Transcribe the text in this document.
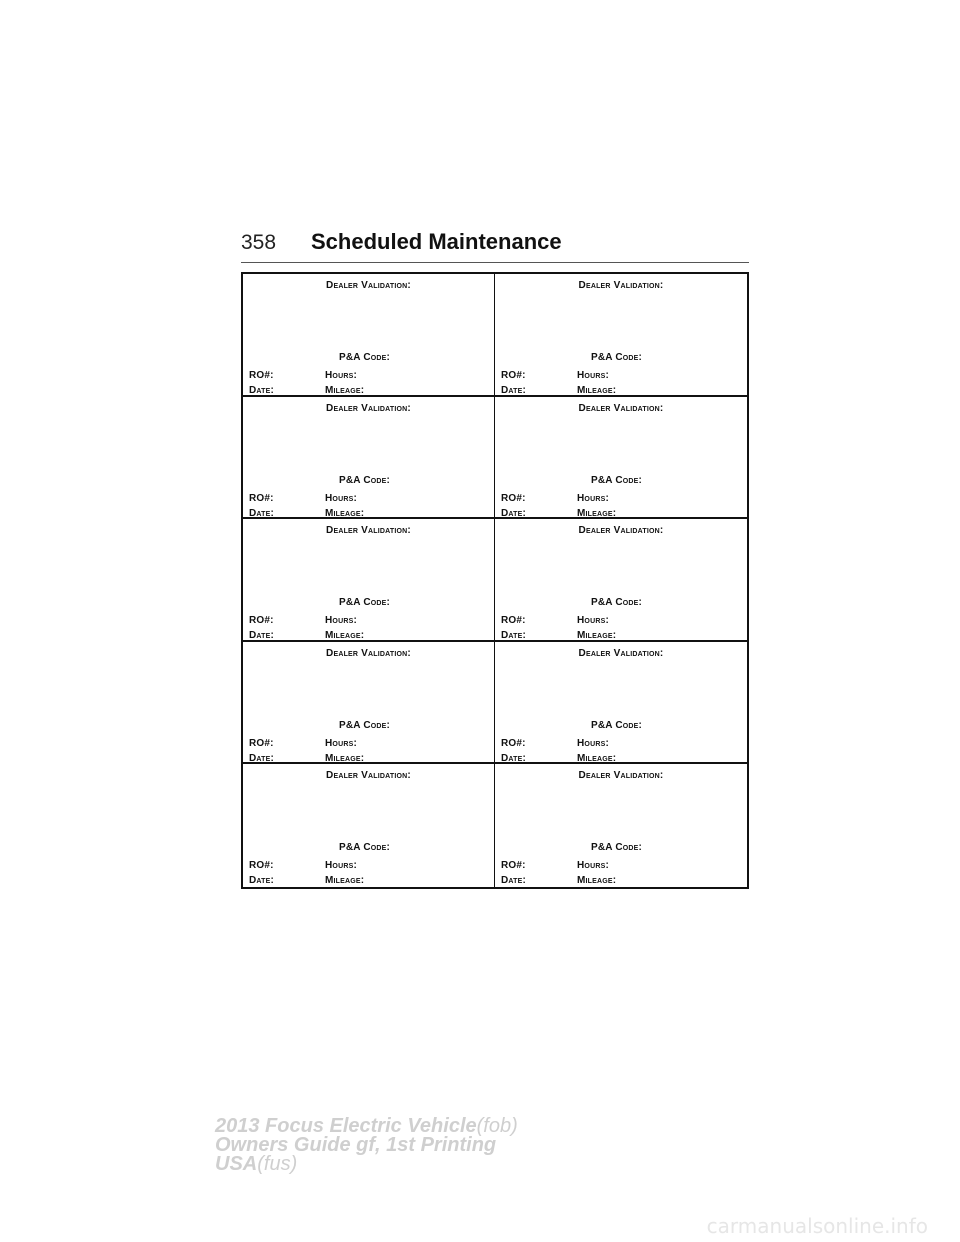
358 Scheduled Maintenance
Dealer Validation:
P&A Code:
RO#:	Hours:
Date:	Mileage:
Dealer Validation:
P&A Code:
RO#:	Hours:
Date:	Mileage:
Dealer Validation:
P&A Code:
RO#:	Hours:
Date:	Mileage:
Dealer Validation:
P&A Code:
RO#:	Hours:
Date:	Mileage:
Dealer Validation:
P&A Code:
RO#:	Hours:
Date:	Mileage:
Dealer Validation:
P&A Code:
RO#:	Hours:
Date:	Mileage:
Dealer Validation:
P&A Code:
RO#:	Hours:
Date:	Mileage:
Dealer Validation:
P&A Code:
RO#:	Hours:
Date:	Mileage:
Dealer Validation:
P&A Code:
RO#:	Hours:
Date:	Mileage:
Dealer Validation:
P&A Code:
RO#:	Hours:
Date:	Mileage:
2013 Focus Electric Vehicle(fob)
Owners Guide gf, 1st Printing
USA(fus)
carmanualsonline.info
